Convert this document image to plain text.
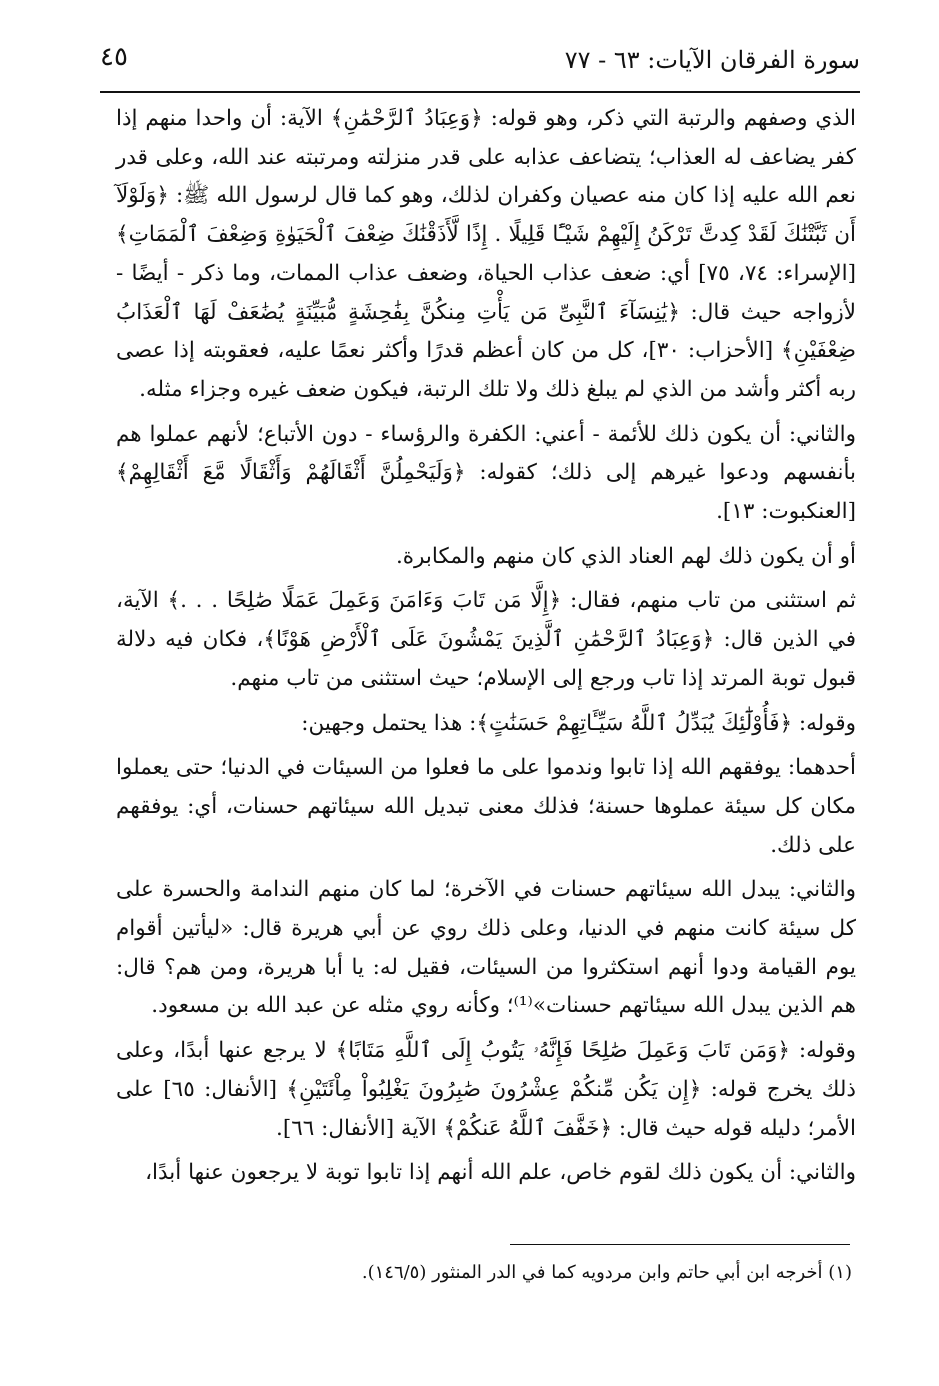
سورة الفرقان الآيات: ٦٣ - ٧٧
٤٥

الذي وصفهم والرتبة التي ذكر، وهو قوله: ﴿وَعِبَادُ ٱلرَّحْمَٰنِ﴾ الآية: أن واحدا منهم إذا كفر يضاعف له العذاب؛ يتضاعف عذابه على قدر منزلته ومرتبته عند الله، وعلى قدر نعم الله عليه إذا كان منه عصيان وكفران لذلك، وهو كما قال لرسول الله ﷺ: ﴿وَلَوْلَآ أَن ثَبَّتْنَٰكَ لَقَدْ كِدتَّ تَرْكَنُ إِلَيْهِمْ شَيْـًٔا قَلِيلًا . إِذًا لَّأَذَقْنَٰكَ ضِعْفَ ٱلْحَيَوٰةِ وَضِعْفَ ٱلْمَمَاتِ﴾ [الإسراء: ٧٤، ٧٥] أي: ضعف عذاب الحياة، وضعف عذاب الممات، وما ذكر - أيضًا - لأزواجه حيث قال: ﴿يَٰنِسَآءَ ٱلنَّبِىِّ مَن يَأْتِ مِنكُنَّ بِفَٰحِشَةٍ مُّبَيِّنَةٍ يُضَٰعَفْ لَهَا ٱلْعَذَابُ ضِعْفَيْنِ﴾ [الأحزاب: ٣٠]، كل من كان أعظم قدرًا وأكثر نعمًا عليه، فعقوبته إذا عصى ربه أكثر وأشد من الذي لم يبلغ ذلك ولا تلك الرتبة، فيكون ضعف غيره وجزاء مثله.

والثاني: أن يكون ذلك للأئمة - أعني: الكفرة والرؤساء - دون الأتباع؛ لأنهم عملوا هم بأنفسهم ودعوا غيرهم إلى ذلك؛ كقوله: ﴿وَلَيَحْمِلُنَّ أَثْقَالَهُمْ وَأَثْقَالًا مَّعَ أَثْقَالِهِمْ﴾ [العنكبوت: ١٣].

أو أن يكون ذلك لهم العناد الذي كان منهم والمكابرة.

ثم استثنى من تاب منهم، فقال: ﴿إِلَّا مَن تَابَ وَءَامَنَ وَعَمِلَ عَمَلًا صَٰلِحًا . . .﴾ الآية، في الذين قال: ﴿وَعِبَادُ ٱلرَّحْمَٰنِ ٱلَّذِينَ يَمْشُونَ عَلَى ٱلْأَرْضِ هَوْنًا﴾، فكان فيه دلالة قبول توبة المرتد إذا تاب ورجع إلى الإسلام؛ حيث استثنى من تاب منهم.

وقوله: ﴿فَأُوْلَٰٓئِكَ يُبَدِّلُ ٱللَّهُ سَيِّـَٔاتِهِمْ حَسَنَٰتٍ﴾: هذا يحتمل وجهين:

أحدهما: يوفقهم الله إذا تابوا وندموا على ما فعلوا من السيئات في الدنيا؛ حتى يعملوا مكان كل سيئة عملوها حسنة؛ فذلك معنى تبديل الله سيئاتهم حسنات، أي: يوفقهم على ذلك.

والثاني: يبدل الله سيئاتهم حسنات في الآخرة؛ لما كان منهم الندامة والحسرة على كل سيئة كانت منهم في الدنيا، وعلى ذلك روي عن أبي هريرة قال: «ليأتين أقوام يوم القيامة ودوا أنهم استكثروا من السيئات، فقيل له: يا أبا هريرة، ومن هم؟ قال: هم الذين يبدل الله سيئاتهم حسنات»⁽¹⁾؛ وكأنه روي مثله عن عبد الله بن مسعود.

وقوله: ﴿وَمَن تَابَ وَعَمِلَ صَٰلِحًا فَإِنَّهُۥ يَتُوبُ إِلَى ٱللَّهِ مَتَابًا﴾ لا يرجع عنها أبدًا، وعلى ذلك يخرج قوله: ﴿إِن يَكُن مِّنكُمْ عِشْرُونَ صَٰبِرُونَ يَغْلِبُواْ مِاْئَتَيْنِ﴾ [الأنفال: ٦٥] على الأمر؛ دليله قوله حيث قال: ﴿خَفَّفَ ٱللَّهُ عَنكُمْ﴾ الآية [الأنفال: ٦٦].

والثاني: أن يكون ذلك لقوم خاص، علم الله أنهم إذا تابوا توبة لا يرجعون عنها أبدًا،

(١) أخرجه ابن أبي حاتم وابن مردويه كما في الدر المنثور (١٤٦/٥).
